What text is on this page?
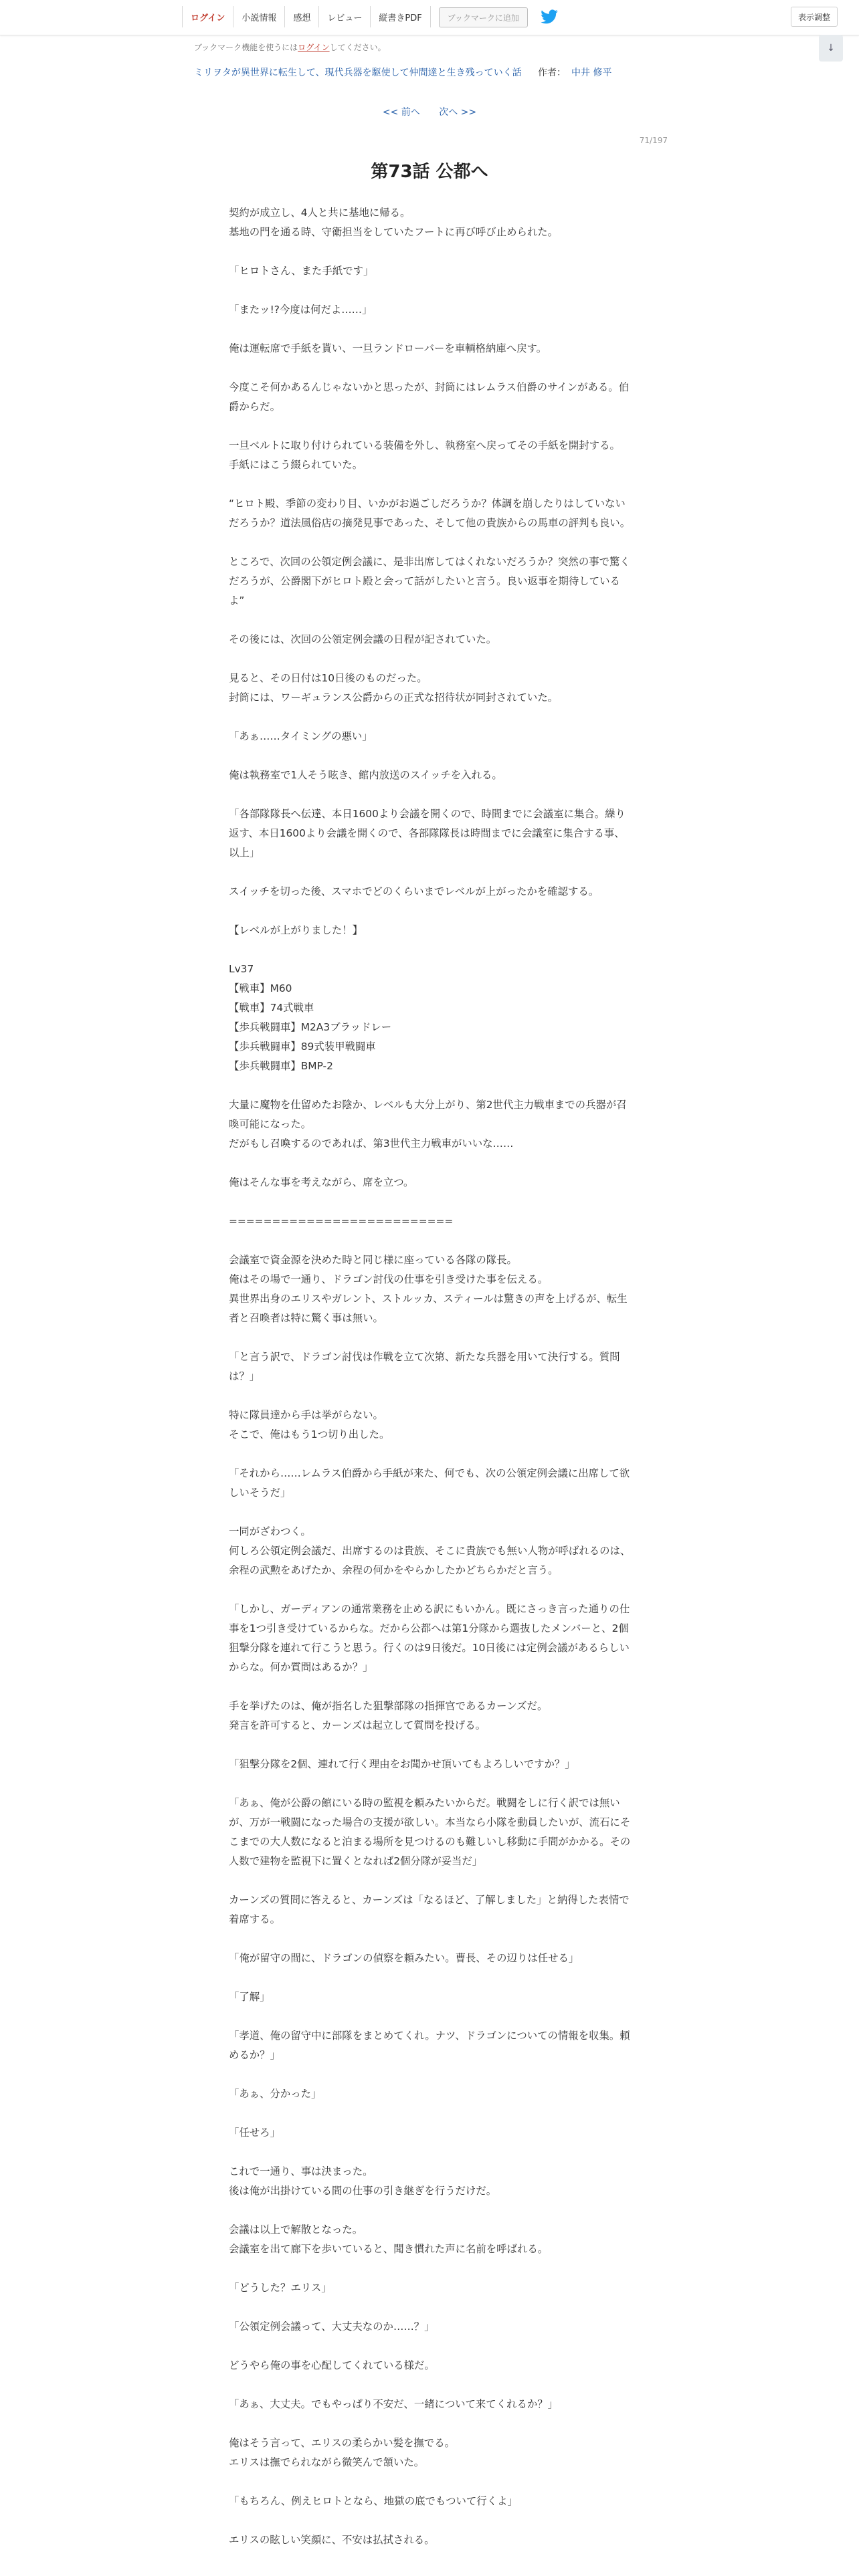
ログイン	小説情報	感想	レビュー	縦書きPDF	ブックマークに追加	表示調整
ブックマーク機能を使うにはログインしてください。	↓
ミリヲタが異世界に転生して、現代兵器を駆使して仲間達と生き残っていく話 作者： 中井 修平
<< 前へ 次へ >>
71/197
第73話 公都へ

契約が成立し、4人と共に基地に帰る。

基地の門を通る時、守衛担当をしていたフートに再び呼び止められた。

「ヒロトさん、また手紙です」

「またッ!?今度は何だよ……」

俺は運転席で手紙を貰い、一旦ランドローバーを車輌格納庫へ戻す。

今度こそ何かあるんじゃないかと思ったが、封筒にはレムラス伯爵のサインがある。伯爵からだ。

一旦ベルトに取り付けられている装備を外し、執務室へ戻ってその手紙を開封する。

手紙にはこう綴られていた。

“ヒロト殿、季節の変わり目、いかがお過ごしだろうか？体調を崩したりはしていないだろうか？道法風俗店の摘発見事であった、そして他の貴族からの馬車の評判も良い。

ところで、次回の公領定例会議に、是非出席してはくれないだろうか？突然の事で驚くだろうが、公爵閣下がヒロト殿と会って話がしたいと言う。良い返事を期待しているよ”

その後には、次回の公領定例会議の日程が記されていた。

見ると、その日付は10日後のものだった。

封筒には、ワーギュランス公爵からの正式な招待状が同封されていた。

「あぁ……タイミングの悪い」

俺は執務室で1人そう呟き、館内放送のスイッチを入れる。

「各部隊隊長へ伝達、本日1600より会議を開くので、時間までに会議室に集合。繰り返す、本日1600より会議を開くので、各部隊隊長は時間までに会議室に集合する事、以上」

スイッチを切った後、スマホでどのくらいまでレベルが上がったかを確認する。

【レベルが上がりました！】

Lv37

【戦車】M60

【戦車】74式戦車

【歩兵戦闘車】M2A3ブラッドレー

【歩兵戦闘車】89式装甲戦闘車

【歩兵戦闘車】BMP-2

大量に魔物を仕留めたお陰か、レベルも大分上がり、第2世代主力戦車までの兵器が召喚可能になった。

だがもし召喚するのであれば、第3世代主力戦車がいいな……

俺はそんな事を考えながら、席を立つ。

==========================

会議室で資金源を決めた時と同じ様に座っている各隊の隊長。

俺はその場で一通り、ドラゴン討伐の仕事を引き受けた事を伝える。

異世界出身のエリスやガレント、ストルッカ、スティールは驚きの声を上げるが、転生者と召喚者は特に驚く事は無い。

「と言う訳で、ドラゴン討伐は作戦を立て次第、新たな兵器を用いて決行する。質問は？」

特に隊員達から手は挙がらない。

そこで、俺はもう1つ切り出した。

「それから……レムラス伯爵から手紙が来た、何でも、次の公領定例会議に出席して欲しいそうだ」

一同がざわつく。

何しろ公領定例会議だ、出席するのは貴族、そこに貴族でも無い人物が呼ばれるのは、余程の武勲をあげたか、余程の何かをやらかしたかどちらかだと言う。

「しかし、ガーディアンの通常業務を止める訳にもいかん。既にさっき言った通りの仕事を1つ引き受けているからな。だから公都へは第1分隊から選抜したメンバーと、2個狙撃分隊を連れて行こうと思う。行くのは9日後だ。10日後には定例会議があるらしいからな。何か質問はあるか？」

手を挙げたのは、俺が指名した狙撃部隊の指揮官であるカーンズだ。

発言を許可すると、カーンズは起立して質問を投げる。

「狙撃分隊を2個、連れて行く理由をお聞かせ頂いてもよろしいですか？」

「あぁ、俺が公爵の館にいる時の監視を頼みたいからだ。戦闘をしに行く訳では無いが、万が一戦闘になった場合の支援が欲しい。本当なら小隊を動員したいが、流石にそこまでの大人数になると泊まる場所を見つけるのも難しいし移動に手間がかかる。その人数で建物を監視下に置くとなれば2個分隊が妥当だ」

カーンズの質問に答えると、カーンズは「なるほど、了解しました」と納得した表情で着席する。

「俺が留守の間に、ドラゴンの偵察を頼みたい。曹長、その辺りは任せる」

「了解」

「孝道、俺の留守中に部隊をまとめてくれ。ナツ、ドラゴンについての情報を収集。頼めるか？」

「あぁ、分かった」

「任せろ」

これで一通り、事は決まった。

後は俺が出掛けている間の仕事の引き継ぎを行うだけだ。

会議は以上で解散となった。

会議室を出て廊下を歩いていると、聞き慣れた声に名前を呼ばれる。

「どうした？エリス」

「公領定例会議って、大丈夫なのか……？」

どうやら俺の事を心配してくれている様だ。

「あぁ、大丈夫。でもやっぱり不安だ、一緒について来てくれるか？」

俺はそう言って、エリスの柔らかい髪を撫でる。

エリスは撫でられながら微笑んで頷いた。

「もちろん、例えヒロトとなら、地獄の底でもついて行くよ」

エリスの眩しい笑顔に、不安は払拭される。
